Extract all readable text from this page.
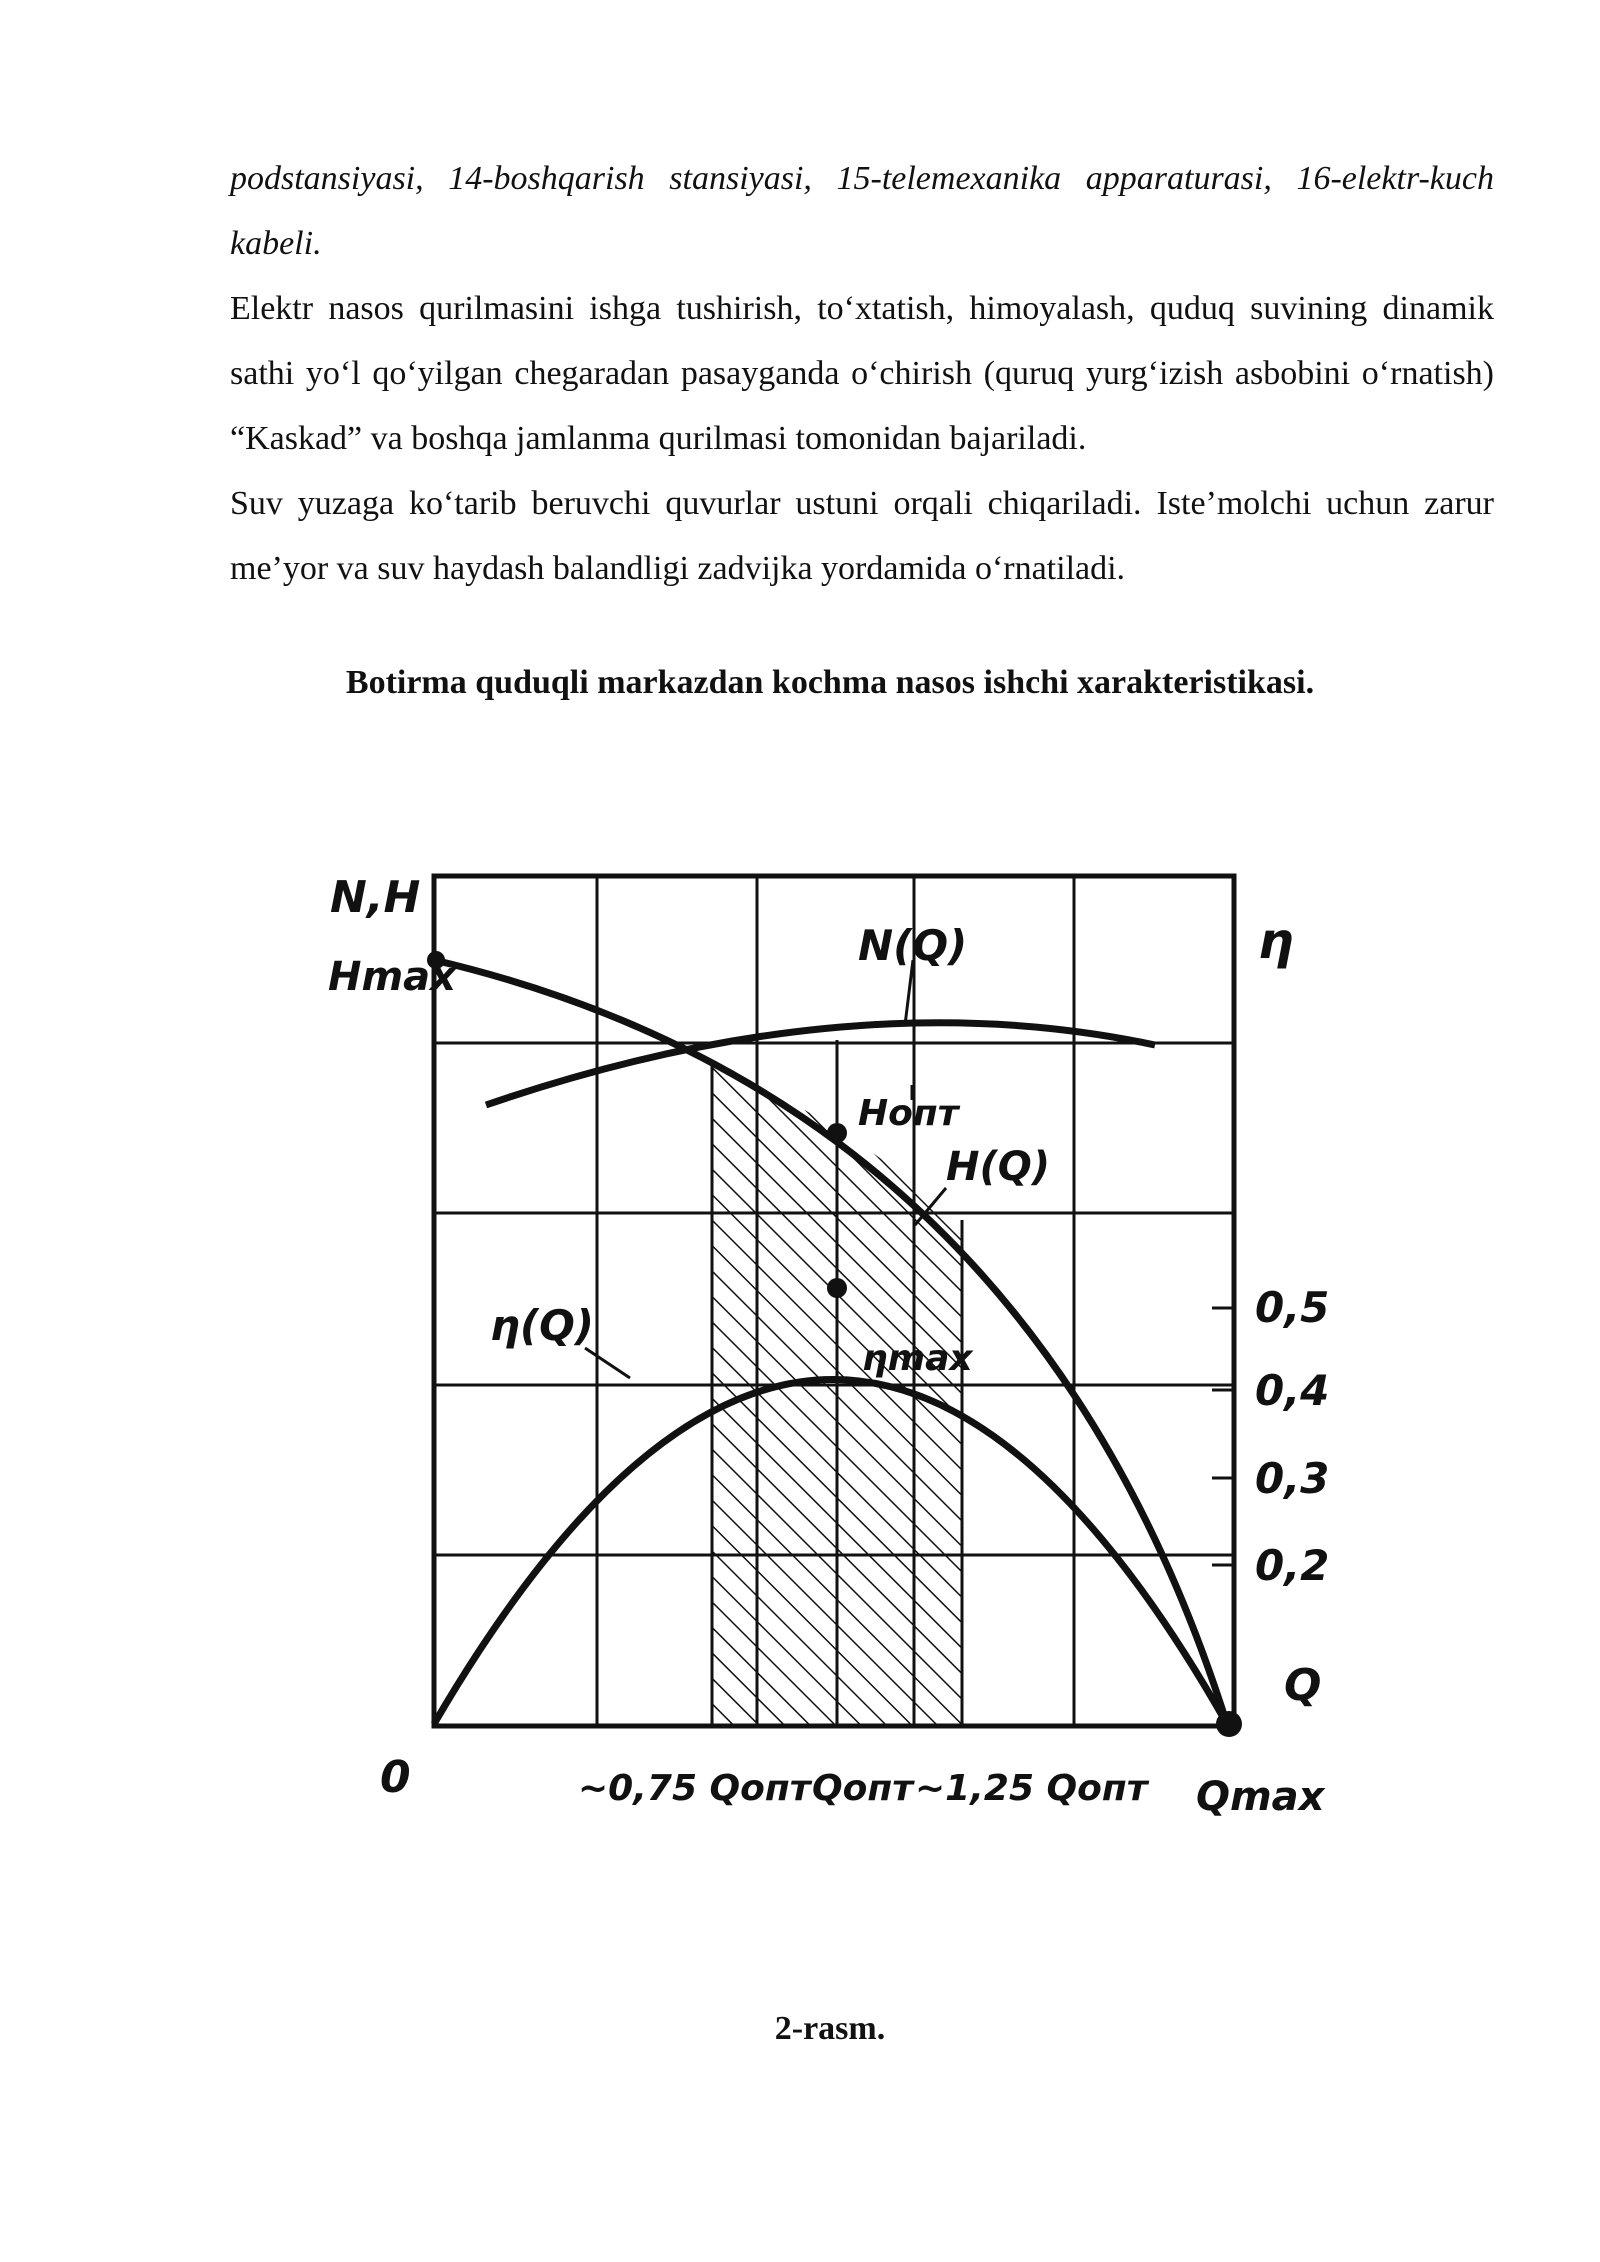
podstansiyasi, 14-boshqarish stansiyasi, 15-telemexanika apparaturasi, 16-elektr-kuch kabeli.

Elektr nasos qurilmasini ishga tushirish, to‘xtatish, himoyalash, quduq suvining dinamik sathi yo‘l qo‘yilgan chegaradan pasayganda o‘chirish (quruq yurg‘izish asbobini o‘rnatish) “Kaskad” va boshqa jamlanma qurilmasi tomonidan bajariladi.

Suv yuzaga ko‘tarib beruvchi quvurlar ustuni orqali chiqariladi. Iste’molchi uchun zarur me’yor va suv haydash balandligi zadvijka yordamida o‘rnatiladi.

Botirma quduqli markazdan kochma nasos ishchi xarakteristikasi.

N,H
Hmax
η
Q
0	~0,75 Qопт Qопт ~1,25 Qопт Qmax
0,5
0,4
0,3
0,2
N(Q)
H(Q)
η(Q)
Hопт
ηmax

2-rasm.
